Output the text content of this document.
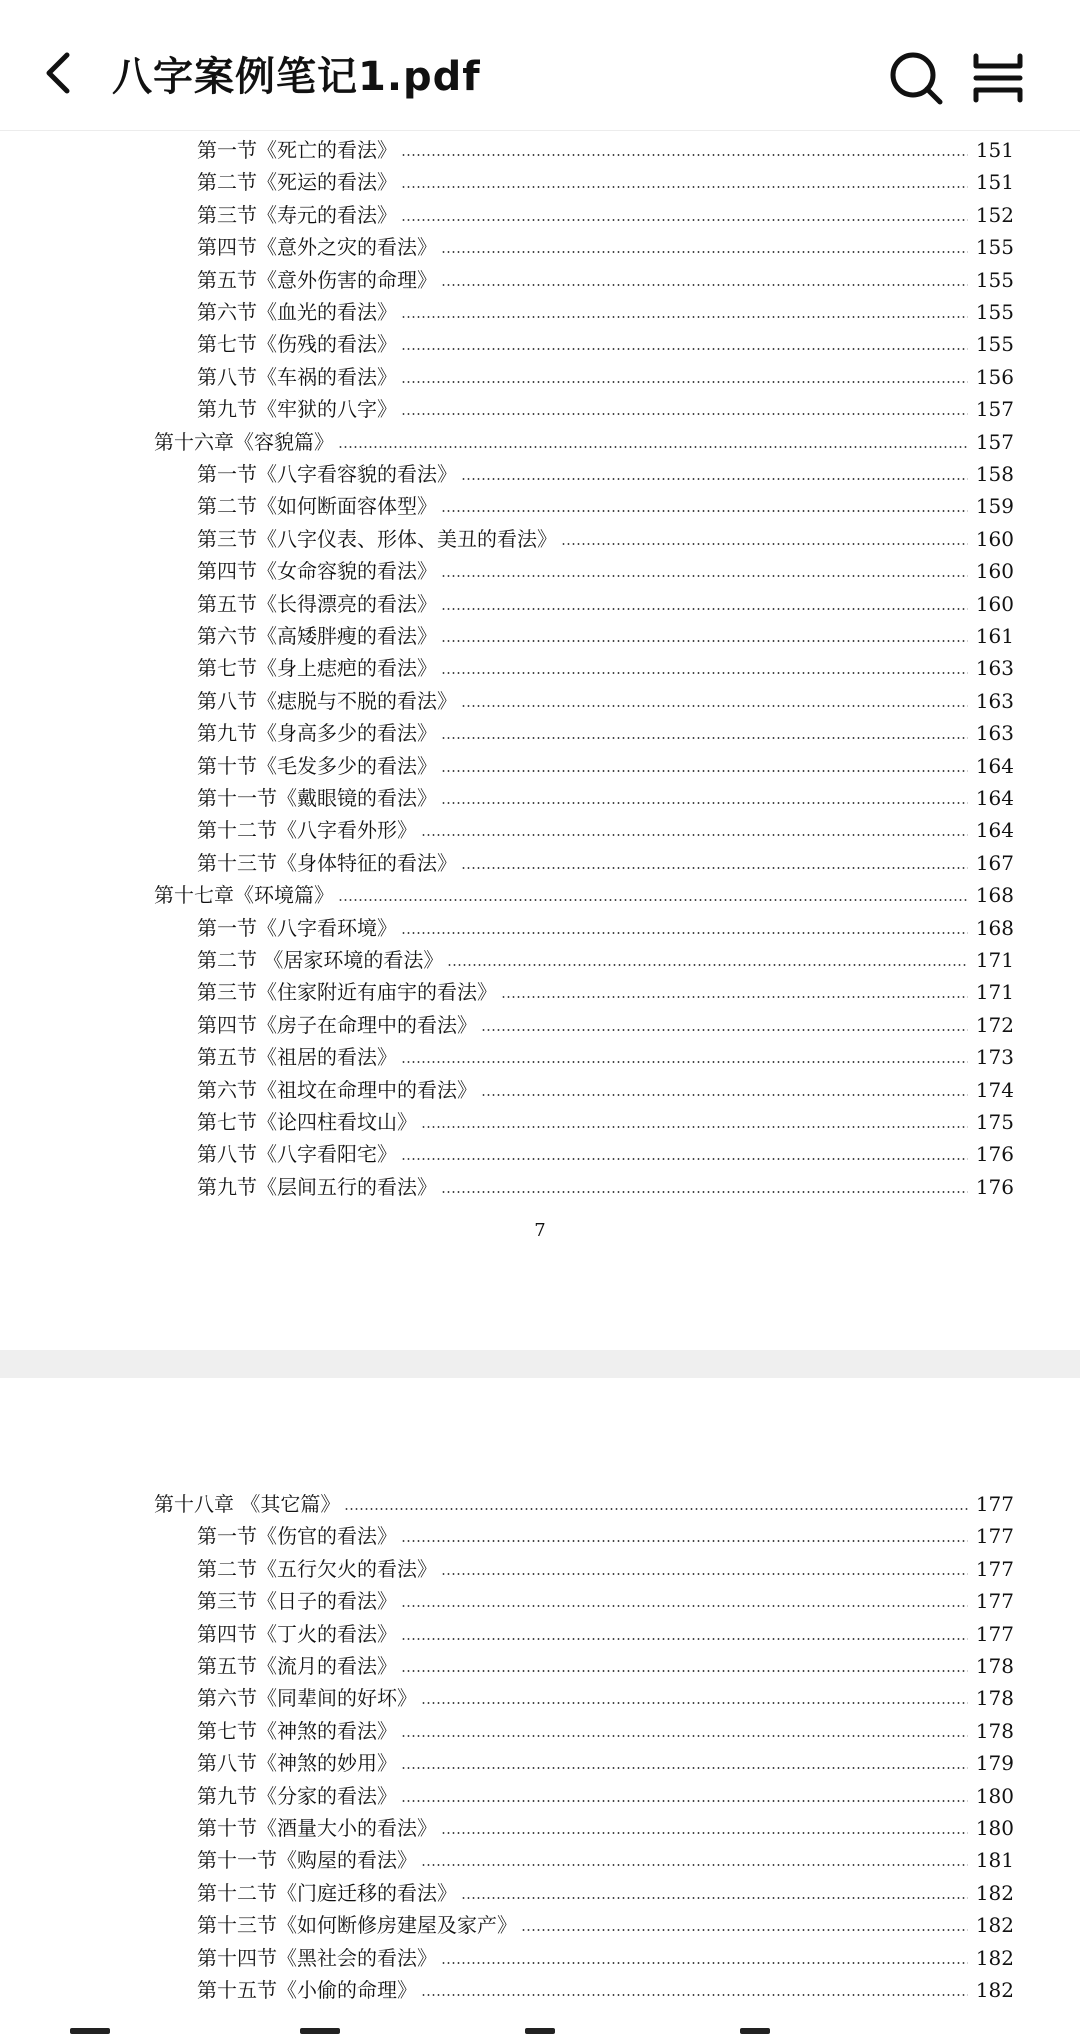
八字案例笔记1.pdf
7
第一节《死亡的看法》	151
第二节《死运的看法》	151
第三节《寿元的看法》	152
第四节《意外之灾的看法》	155
第五节《意外伤害的命理》	155
第六节《血光的看法》	155
第七节《伤残的看法》	155
第八节《车祸的看法》	156
第九节《牢狱的八字》	157
第十六章《容貌篇》	157
第一节《八字看容貌的看法》	158
第二节《如何断面容体型》	159
第三节《八字仪表、形体、美丑的看法》	160
第四节《女命容貌的看法》	160
第五节《长得漂亮的看法》	160
第六节《高矮胖瘦的看法》	161
第七节《身上痣疤的看法》	163
第八节《痣脱与不脱的看法》	163
第九节《身高多少的看法》	163
第十节《毛发多少的看法》	164
第十一节《戴眼镜的看法》	164
第十二节《八字看外形》	164
第十三节《身体特征的看法》	167
第十七章《环境篇》	168
第一节《八字看环境》	168
第二节 《居家环境的看法》	171
第三节《住家附近有庙宇的看法》	171
第四节《房子在命理中的看法》	172
第五节《祖居的看法》	173
第六节《祖坟在命理中的看法》	174
第七节《论四柱看坟山》	175
第八节《八字看阳宅》	176
第九节《层间五行的看法》	176
第十八章 《其它篇》	177
第一节《伤官的看法》	177
第二节《五行欠火的看法》	177
第三节《日子的看法》	177
第四节《丁火的看法》	177
第五节《流月的看法》	178
第六节《同辈间的好坏》	178
第七节《神煞的看法》	178
第八节《神煞的妙用》	179
第九节《分家的看法》	180
第十节《酒量大小的看法》	180
第十一节《购屋的看法》	181
第十二节《门庭迁移的看法》	182
第十三节《如何断修房建屋及家产》	182
第十四节《黑社会的看法》	182
第十五节《小偷的命理》	182
